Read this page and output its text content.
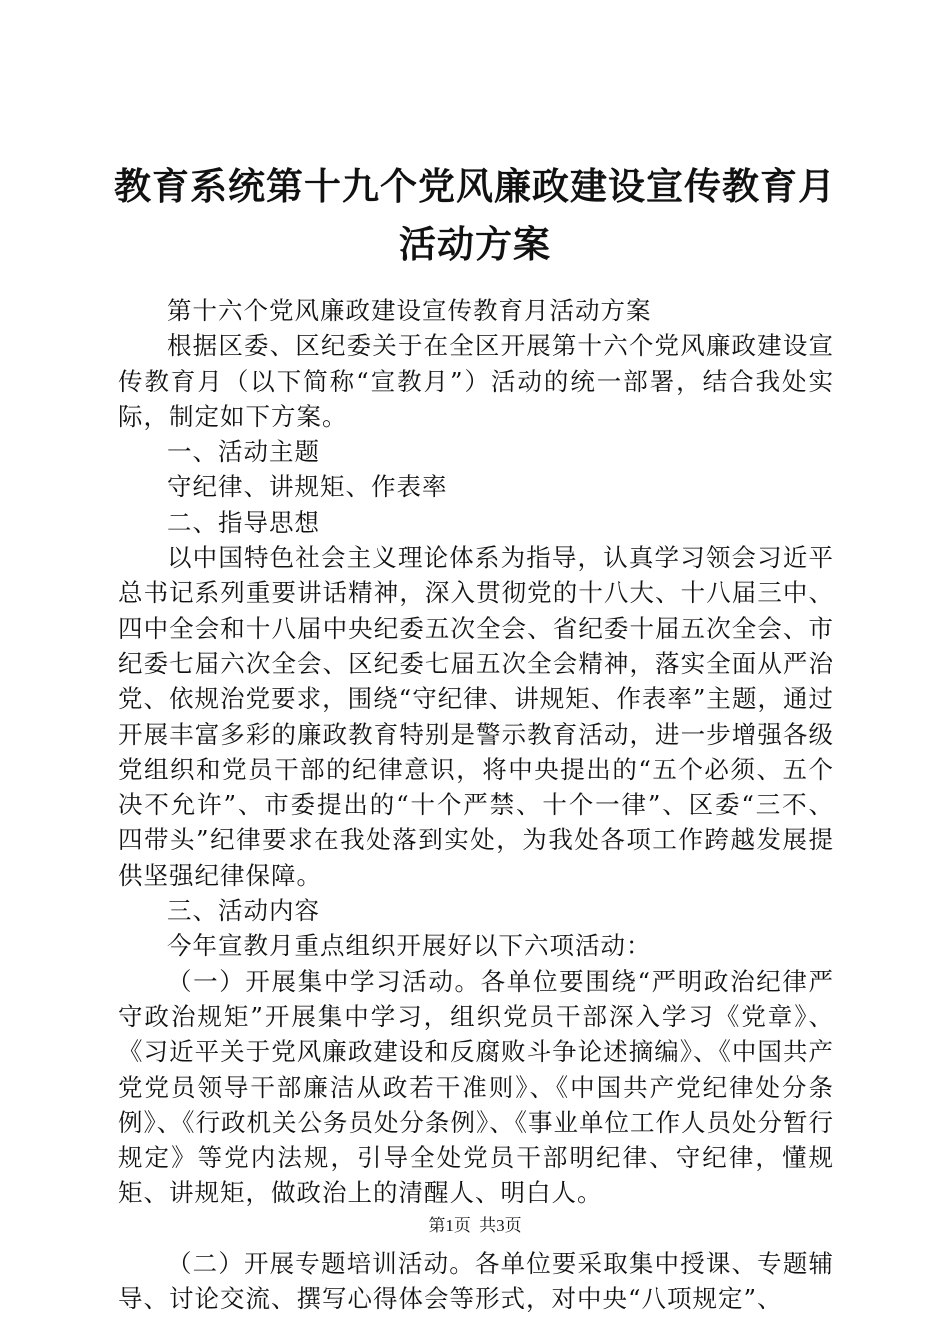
教育系统第十九个党风廉政建设宣传教育月活动方案

第十六个党风廉政建设宣传教育月活动方案

根据区委、区纪委关于在全区开展第十六个党风廉政建设宣传教育月（以下简称“宣教月”）活动的统一部署，结合我处实际，制定如下方案。

一、活动主题

守纪律、讲规矩、作表率

二、指导思想

以中国特色社会主义理论体系为指导，认真学习领会习近平总书记系列重要讲话精神，深入贯彻党的十八大、十八届三中、四中全会和十八届中央纪委五次全会、省纪委十届五次全会、市纪委七届六次全会、区纪委七届五次全会精神，落实全面从严治党、依规治党要求，围绕“守纪律、讲规矩、作表率”主题，通过开展丰富多彩的廉政教育特别是警示教育活动，进一步增强各级党组织和党员干部的纪律意识，将中央提出的“五个必须、五个决不允许”、市委提出的“十个严禁、十个一律”、区委“三不、四带头”纪律要求在我处落到实处，为我处各项工作跨越发展提供坚强纪律保障。

三、活动内容

今年宣教月重点组织开展好以下六项活动：

（一）开展集中学习活动。各单位要围绕“严明政治纪律严守政治规矩”开展集中学习，组织党员干部深入学习《党章》、《习近平关于党风廉政建设和反腐败斗争论述摘编》、《中国共产党党员领导干部廉洁从政若干准则》、《中国共产党纪律处分条例》、《行政机关公务员处分条例》、《事业单位工作人员处分暂行规定》等党内法规，引导全处党员干部明纪律、守纪律，懂规矩、讲规矩，做政治上的清醒人、明白人。

（二）开展专题培训活动。各单位要采取集中授课、专题辅导、讨论交流、撰写心得体会等形式，对中央“八项规定”、

第1页 共3页
